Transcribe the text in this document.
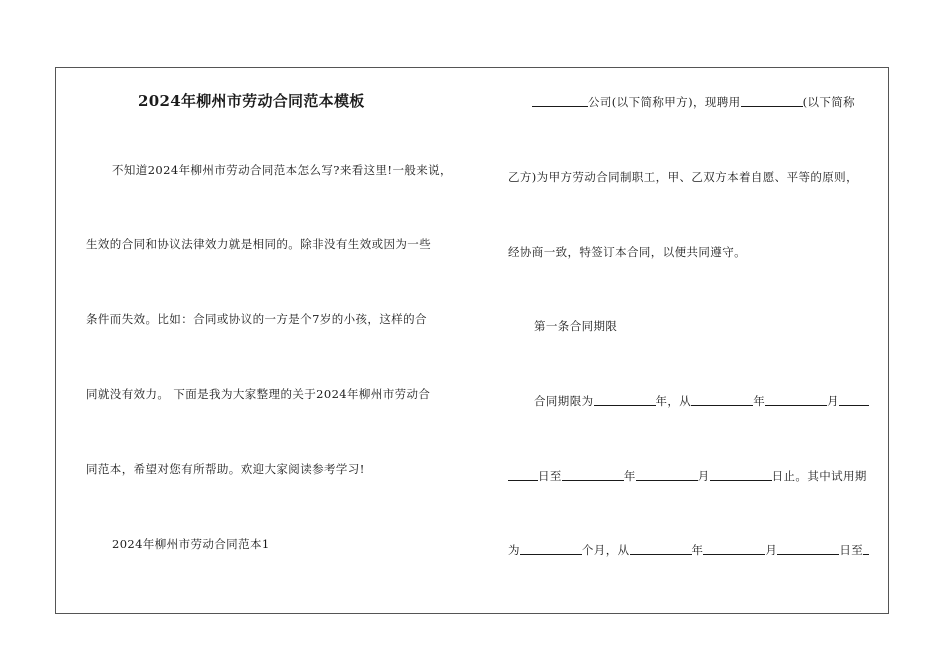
2024年柳州市劳动合同范本模板
不知道2024年柳州市劳动合同范本怎么写?来看这里!一般来说，
生效的合同和协议法律效力就是相同的。除非没有生效或因为一些
条件而失效。比如：合同或协议的一方是个7岁的小孩，这样的合
同就没有效力。 下面是我为大家整理的关于2024年柳州市劳动合
同范本，希望对您有所帮助。欢迎大家阅读参考学习!
2024年柳州市劳动合同范本1
公司(以下简称甲方)，现聘用	(以下简称
乙方)为甲方劳动合同制职工，甲、乙双方本着自愿、平等的原则，
经协商一致，特签订本合同，以便共同遵守。
第一条合同期限
合同期限为	年，从	年	月
日至	年	月	日止。其中试用期
为	个月，从	年	月	日至
